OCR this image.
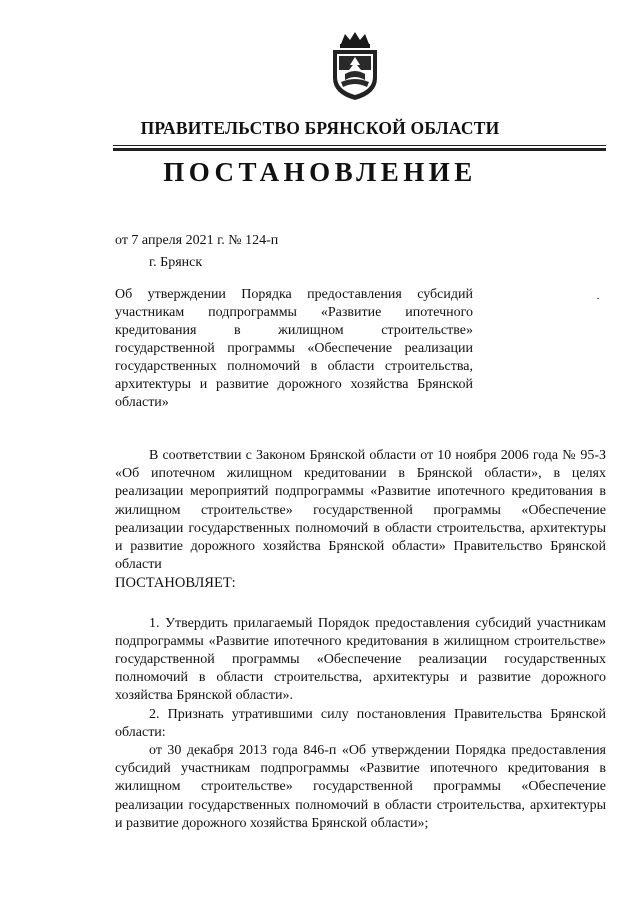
ПРАВИТЕЛЬСТВО БРЯНСКОЙ ОБЛАСТИ
ПОСТАНОВЛЕНИЕ
от 7 апреля 2021 г. № 124-п
г. Брянск
Об утверждении Порядка предоставления субсидий участникам подпрограммы «Развитие ипотечного кредитования в жилищном строительстве» государственной программы «Обеспечение реализации государственных полномочий в области строительства, архитектуры и развитие дорожного хозяйства Брянской области»

В соответствии с Законом Брянской области от 10 ноября 2006 года № 95-З «Об ипотечном жилищном кредитовании в Брянской области», в целях реализации мероприятий подпрограммы «Развитие ипотечного кредитования в жилищном строительстве» государственной программы «Обеспечение реализации государственных полномочий в области строительства, архитектуры и развитие дорожного хозяйства Брянской области» Правительство Брянской области

ПОСТАНОВЛЯЕТ:

1. Утвердить прилагаемый Порядок предоставления субсидий участникам подпрограммы «Развитие ипотечного кредитования в жилищном строительстве» государственной программы «Обеспечение реализации государственных полномочий в области строительства, архитектуры и развитие дорожного хозяйства Брянской области».

2. Признать утратившими силу постановления Правительства Брянской области:

от 30 декабря 2013 года 846-п «Об утверждении Порядка предоставления субсидий участникам подпрограммы «Развитие ипотечного кредитования в жилищном строительстве» государственной программы «Обеспечение реализации государственных полномочий в области строительства, архитектуры и развитие дорожного хозяйства Брянской области»;
